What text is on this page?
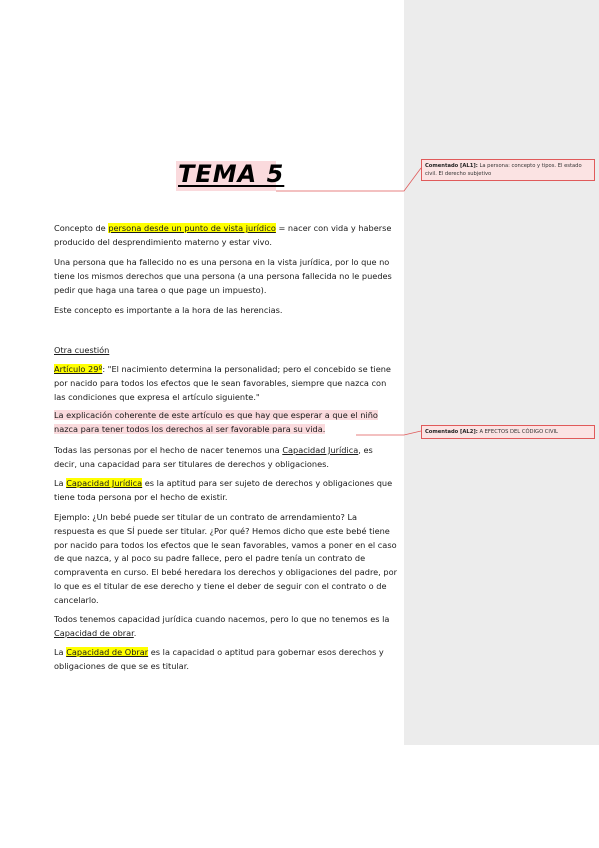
TEMA 5
Concepto de persona desde un punto de vista jurídico = nacer con vida y haberse producido del desprendimiento materno y estar vivo.
Una persona que ha fallecido no es una persona en la vista jurídica, por lo que no tiene los mismos derechos que una persona (a una persona fallecida no le puedes pedir que haga una tarea o que page un impuesto).
Este concepto es importante a la hora de las herencias.
Otra cuestión
Artículo 29º: "El nacimiento determina la personalidad; pero el concebido se tiene por nacido para todos los efectos que le sean favorables, siempre que nazca con las condiciones que expresa el artículo siguiente."
La explicación coherente de este artículo es que hay que esperar a que el niño nazca para tener todos los derechos al ser favorable para su vida.
Todas las personas por el hecho de nacer tenemos una Capacidad Jurídica, es decir, una capacidad para ser titulares de derechos y obligaciones.
La Capacidad Jurídica es la aptitud para ser sujeto de derechos y obligaciones que tiene toda persona por el hecho de existir.
Ejemplo: ¿Un bebé puede ser titular de un contrato de arrendamiento? La respuesta es que SÍ puede ser titular. ¿Por qué? Hemos dicho que este bebé tiene por nacido para todos los efectos que le sean favorables, vamos a poner en el caso de que nazca, y al poco su padre fallece, pero el padre tenía un contrato de compraventa en curso. El bebé heredara los derechos y obligaciones del padre, por lo que es el titular de ese derecho y tiene el deber de seguir con el contrato o de cancelarlo.
Todos tenemos capacidad jurídica cuando nacemos, pero lo que no tenemos es la Capacidad de obrar.
La Capacidad de Obrar es la capacidad o aptitud para gobernar esos derechos y obligaciones de que se es titular.
Comentado [AL1]: La persona: concepto y tipos. El estado civil. El derecho subjetivo
Comentado [AL2]: A EFECTOS DEL CÓDIGO CIVIL
